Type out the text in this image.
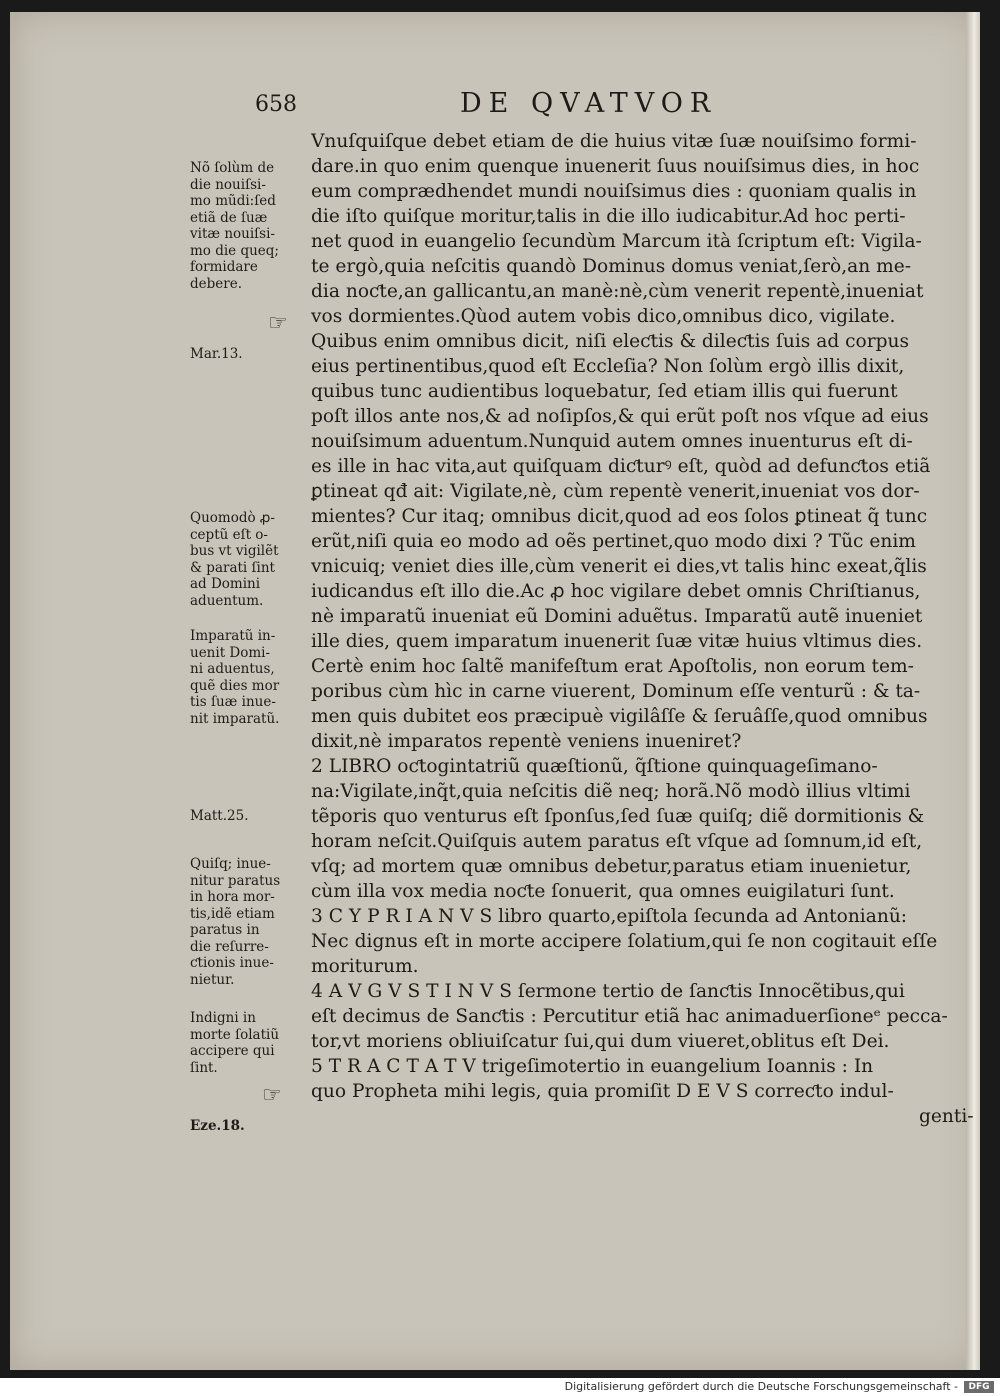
658	DE QVATVOR
Nõ ſolùm de
die nouiſsi-
mo mũdi:ſed
etiã de ſuæ
vitæ nouiſsi-
mo die queq;
formidare
debere.
Mar.13.
Quomodò ꝓ-
ceptũ eſt o-
bus vt vigilẽt
& parati ſint
ad Domini
aduentum.
Imparatũ in-
uenit Domi-
ni aduentus,
quẽ dies mor
tis ſuæ inue-
nit imparatũ.
Matt.25.
Quiſq; inue-
nitur paratus
in hora mor-
tis,idẽ etiam
paratus in
die reſurre-
ƈtionis inue-
nietur.
Indigni in
morte ſolatiũ
accipere qui
ſint.
Eze.18.
☞
☞
Vnuſquiſque debet etiam de die huius vitæ ſuæ nouiſsimo formi-
dare.in quo enim quenque inuenerit ſuus nouiſsimus dies, in hoc
eum comprædhendet mundi nouiſsimus dies : quoniam qualis in
die iſto quiſque moritur,talis in die illo iudicabitur.Ad hoc perti-
net quod in euangelio ſecundùm Marcum ità ſcriptum eſt: Vigila-
te ergò,quia neſcitis quandò Dominus domus veniat,ſerò,an me-
dia noƈte,an gallicantu,an manè:nè,cùm venerit repentè,inueniat
vos dormientes.Qùod autem vobis dico,omnibus dico, vigilate.
Quibus enim omnibus dicit, niſi eleƈtis & dileƈtis ſuis ad corpus
eius pertinentibus,quod eſt Eccleſia? Non ſolùm ergò illis dixit,
quibus tunc audientibus loquebatur, ſed etiam illis qui fuerunt
poſt illos ante nos,& ad noſipſos,& qui erũt poſt nos vſque ad eius
nouiſsimum aduentum.Nunquid autem omnes inuenturus eſt di-
es ille in hac vita,aut quiſquam diƈturꝰ eſt, quòd ad defunƈtos etiã
ꝑtineat qđ ait: Vigilate,nè, cùm repentè venerit,inueniat vos dor-
mientes? Cur itaq; omnibus dicit,quod ad eos ſolos ꝑtineat q̃ tunc
erũt,niſi quia eo modo ad oẽs pertinet,quo modo dixi ? Tũc enim
vnicuiq; veniet dies ille,cùm venerit ei dies,vt talis hinc exeat,q̃lis
iudicandus eſt illo die.Ac ꝓ hoc vigilare debet omnis Chriſtianus,
nè imparatũ inueniat eũ Domini aduẽtus. Imparatũ autẽ inueniet
ille dies, quem imparatum inuenerit ſuæ vitæ huius vltimus dies.
Certè enim hoc ſaltẽ manifeſtum erat Apoſtolis, non eorum tem-
poribus cùm hìc in carne viuerent, Dominum eſſe venturũ : & ta-
men quis dubitet eos præcipuè vigilâſſe & ſeruâſſe,quod omnibus
dixit,nè imparatos repentè veniens inueniret?
2 LIBRO oƈtogintatriũ quæſtionũ, q̃ſtione quinquageſimano-
na:Vigilate,inq̃t,quia neſcitis diẽ neq; horã.Nõ modò illius vltimi
tẽporis quo venturus eſt ſponſus,ſed ſuæ quiſq; diẽ dormitionis &
horam neſcit.Quiſquis autem paratus eſt vſque ad ſomnum,id eſt,
vſq; ad mortem quæ omnibus debetur,paratus etiam inuenietur,
cùm illa vox media noƈte ſonuerit, qua omnes euigilaturi ſunt.
3 C Y P R I A N V S libro quarto,epiſtola ſecunda ad Antonianũ:
Nec dignus eſt in morte accipere ſolatium,qui ſe non cogitauit eſſe
moriturum.
4 A V G V S T I N V S ſermone tertio de ſanƈtis Innocẽtibus,qui
eſt decimus de Sanƈtis : Percutitur etiã hac animaduerſioneᵉ pecca-
tor,vt moriens obliuiſcatur ſui,qui dum viueret,oblitus eſt Dei.
5 T R A C T A T V trigeſimotertio in euangelium Ioannis : In
quo Propheta mihi legis, quia promiſit D E V S correƈto indul-
genti-
Digitalisierung gefördert durch die Deutsche Forschungsgemeinschaft -	DFG
